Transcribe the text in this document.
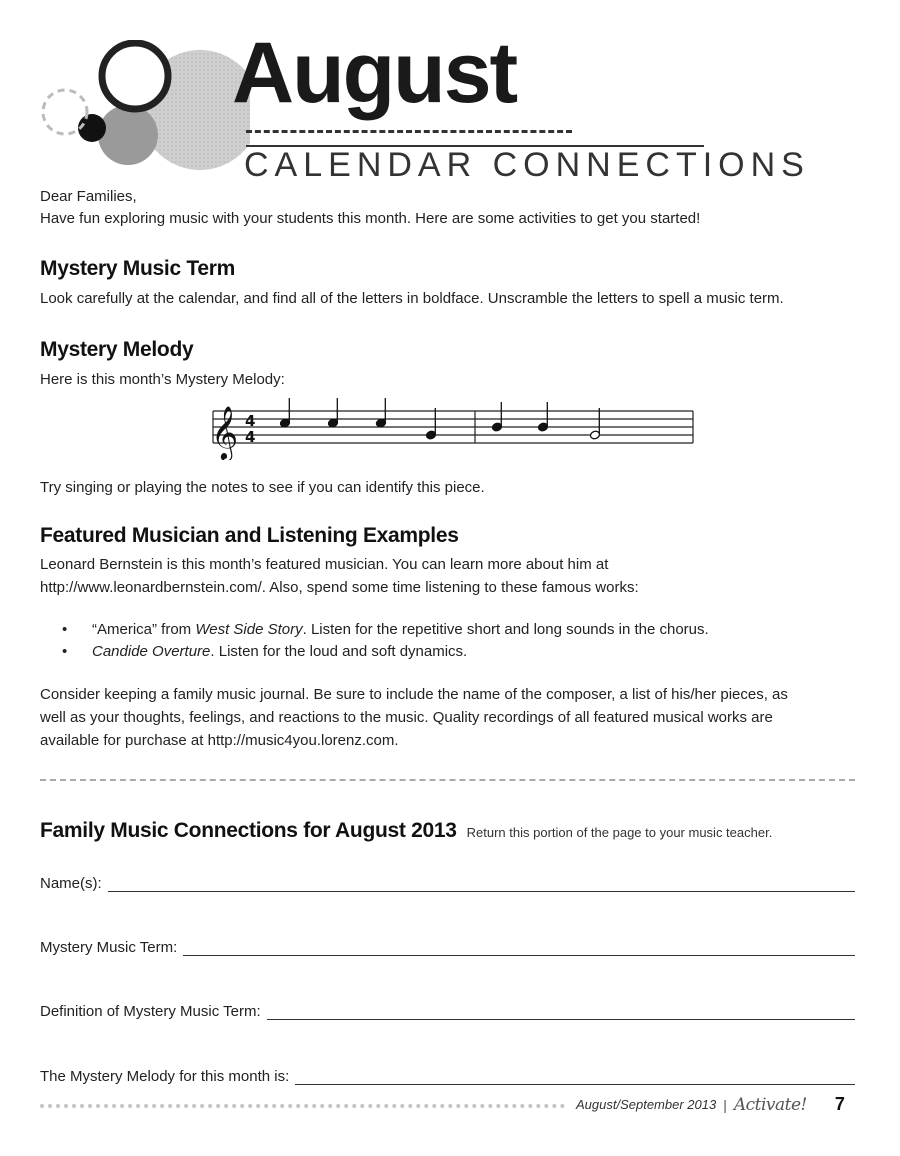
August
CALENDAR CONNECTIONS
Dear Families,
Have fun exploring music with your students this month. Here are some activities to get you started!
Mystery Music Term
Look carefully at the calendar, and find all of the letters in boldface. Unscramble the letters to spell a music term.
Mystery Melody
Here is this month’s Mystery Melody:
𝄞 4
4
Try singing or playing the notes to see if you can identify this piece.
Featured Musician and Listening Examples
Leonard Bernstein is this month’s featured musician. You can learn more about him at
http://www.leonardbernstein.com/. Also, spend some time listening to these famous works:
• “America” from West Side Story. Listen for the repetitive short and long sounds in the chorus.
• Candide Overture. Listen for the loud and soft dynamics.
Consider keeping a family music journal. Be sure to include the name of the composer, a list of his/her pieces, as
well as your thoughts, feelings, and reactions to the music. Quality recordings of all featured musical works are
available for purchase at http://music4you.lorenz.com.
Family Music Connections for August 2013 Return this portion of the page to your music teacher.
Name(s):
Mystery Music Term:
Definition of Mystery Music Term:
The Mystery Melody for this month is:
August/September 2013 | Activate! 7
